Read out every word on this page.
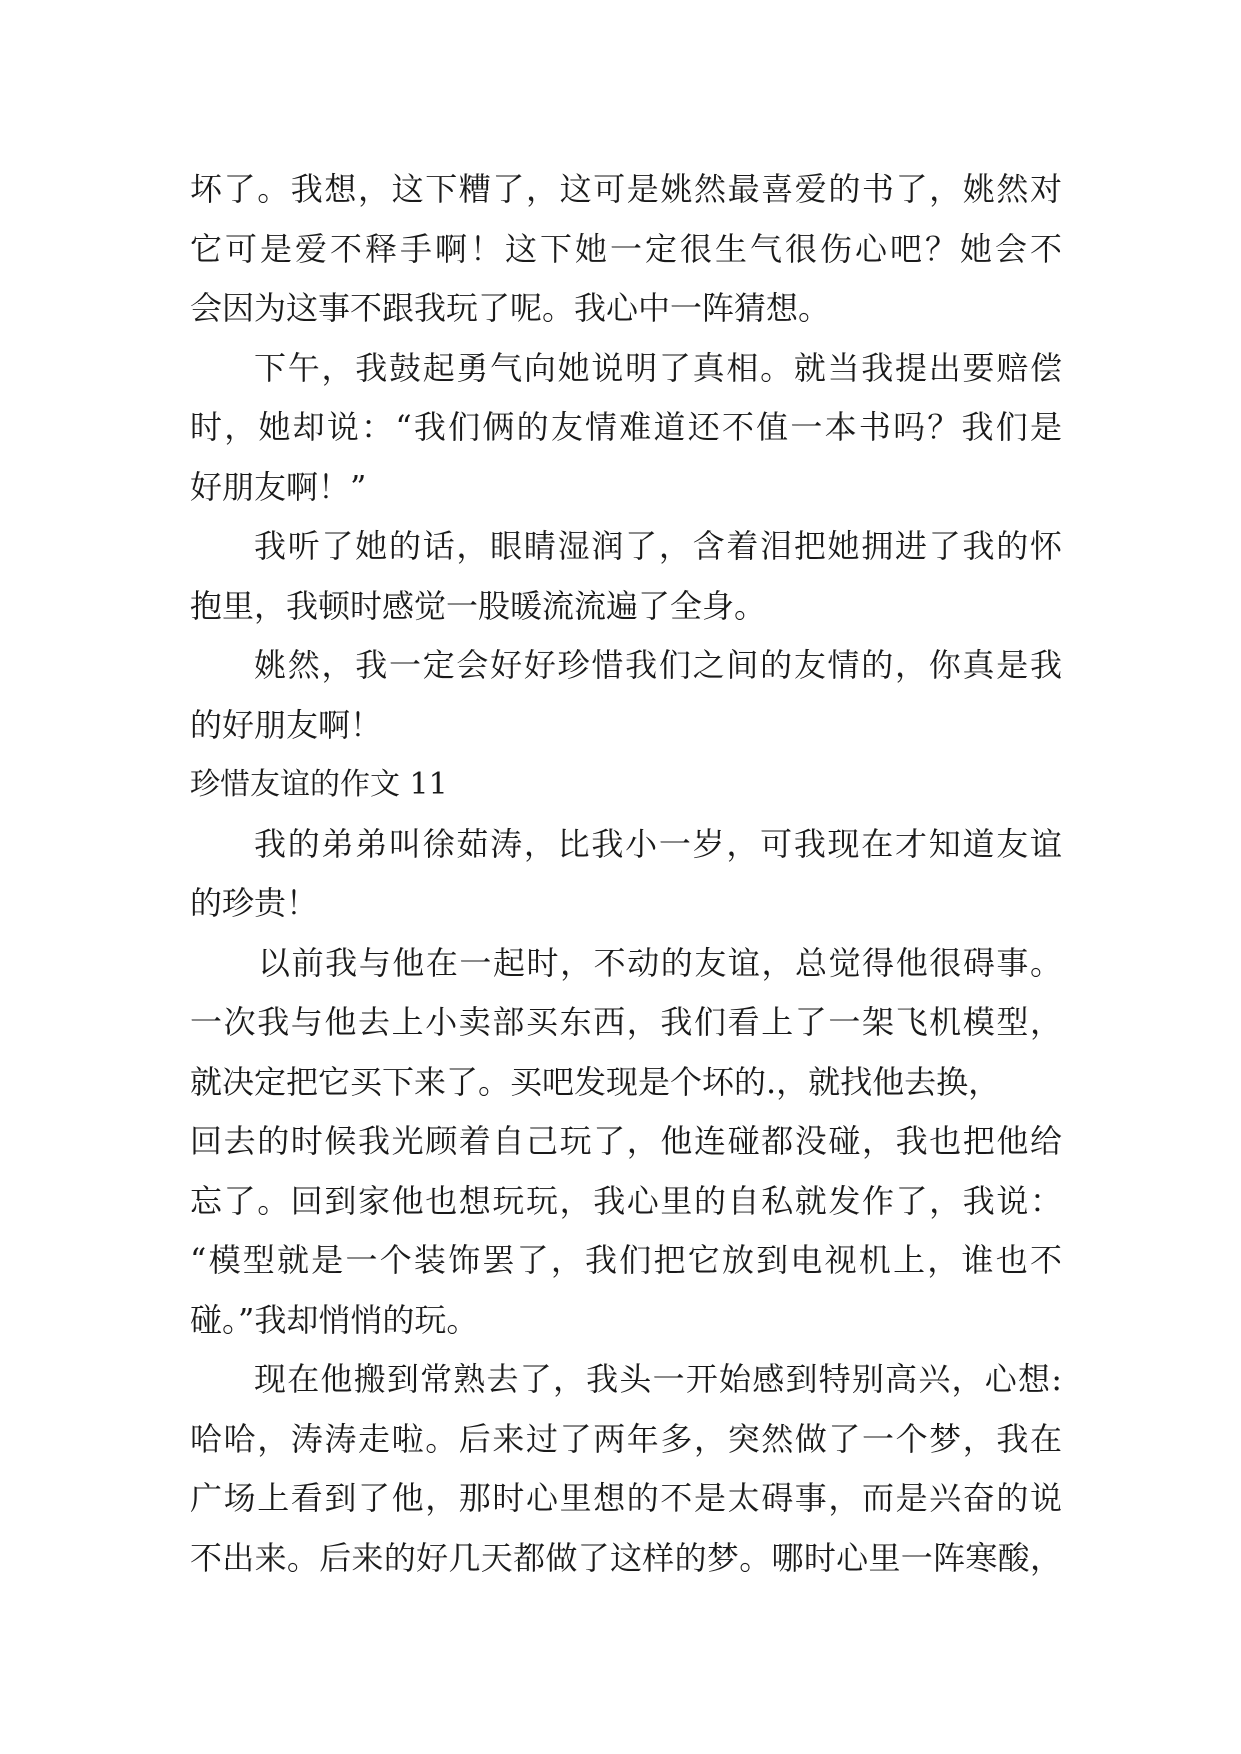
坏了。我想，这下糟了，这可是姚然最喜爱的书了，姚然对
它可是爱不释手啊！这下她一定很生气很伤心吧？她会不
会因为这事不跟我玩了呢。我心中一阵猜想。
下午，我鼓起勇气向她说明了真相。就当我提出要赔偿
时，她却说：“我们俩的友情难道还不值一本书吗？我们是
好朋友啊！”
我听了她的话，眼睛湿润了，含着泪把她拥进了我的怀
抱里，我顿时感觉一股暖流流遍了全身。
姚然，我一定会好好珍惜我们之间的友情的，你真是我
的好朋友啊！
珍惜友谊的作文 11
我的弟弟叫徐茹涛，比我小一岁，可我现在才知道友谊
的珍贵！
以前我与他在一起时，不动的友谊，总觉得他很碍事。
一次我与他去上小卖部买东西，我们看上了一架飞机模型，
就决定把它买下来了。买吧发现是个坏的.，就找他去换，
回去的时候我光顾着自己玩了，他连碰都没碰，我也把他给
忘了。回到家他也想玩玩，我心里的自私就发作了，我说：
“模型就是一个装饰罢了，我们把它放到电视机上，谁也不
碰。”我却悄悄的玩。
现在他搬到常熟去了，我头一开始感到特别高兴，心想:
哈哈，涛涛走啦。后来过了两年多，突然做了一个梦，我在
广场上看到了他，那时心里想的不是太碍事，而是兴奋的说
不出来。后来的好几天都做了这样的梦。哪时心里一阵寒酸，
